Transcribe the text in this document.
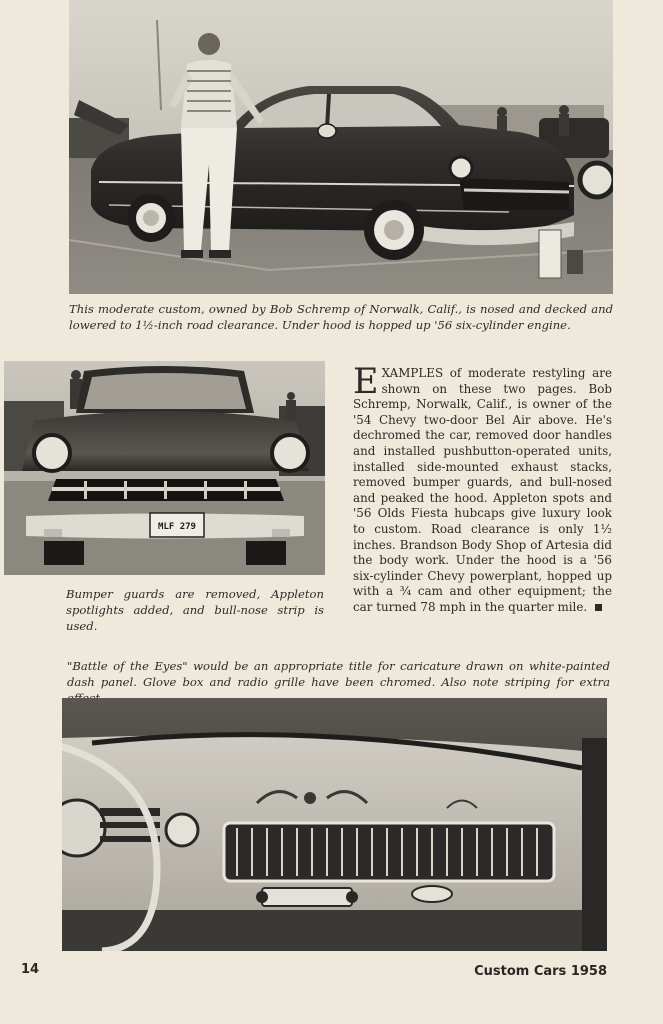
This moderate custom, owned by Bob Schremp of Norwalk, Calif., is nosed and decked and lowered to 1½-inch road clearance. Under hood is hopped up '56 six-cylinder engine.

MLF 279

Bumper guards are removed, Appleton spotlights added, and bull-nose strip is used.

EXAMPLES of moderate restyling are shown on these two pages. Bob Schremp, Norwalk, Calif., is owner of the '54 Chevy two-door Bel Air above. He's dechromed the car, removed door handles and installed pushbutton-operated units, installed side-mounted exhaust stacks, removed bumper guards, and bull-nosed and peaked the hood. Appleton spots and '56 Olds Fiesta hubcaps give luxury look to custom. Road clearance is only 1½ inches. Brandson Body Shop of Artesia did the body work. Under the hood is a '56 six-cylinder Chevy powerplant, hopped up with a ¾ cam and other equipment; the car turned 78 mph in the quarter mile.

"Battle of the Eyes" would be an appropriate title for caricature drawn on white-painted dash panel. Glove box and radio grille have been chromed. Also note striping for extra

14	Custom Cars 1958
